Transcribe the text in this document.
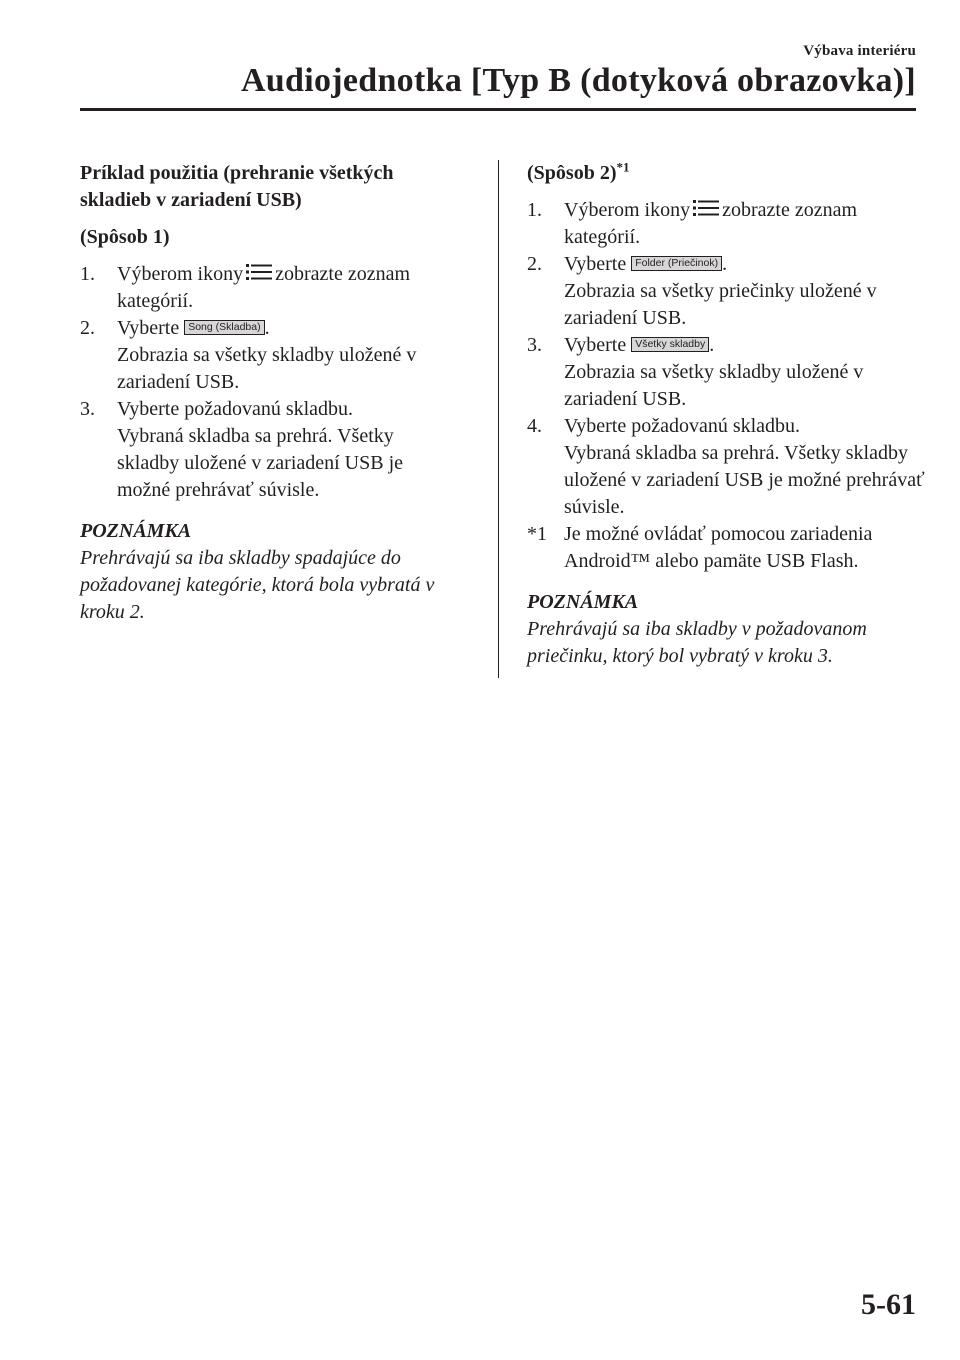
Výbava interiéru
Audiojednotka [Typ B (dotyková obrazovka)]

Príklad použitia (prehranie všetkých skladieb v zariadení USB)

(Spôsob 1)

1. Výberom ikony zobrazte zoznam kategórií.
2. Vyberte Song (Skladba) .
Zobrazia sa všetky skladby uložené v zariadení USB.
3. Vyberte požadovanú skladbu.
Vybraná skladba sa prehrá. Všetky skladby uložené v zariadení USB je možné prehrávať súvisle.

POZNÁMKA

Prehrávajú sa iba skladby spadajúce do požadovanej kategórie, ktorá bola vybratá v kroku 2.

(Spôsob 2)$^{*1}$

1. Výberom ikony zobrazte zoznam kategórií.
2. Vyberte Folder (Priečinok) .
Zobrazia sa všetky priečinky uložené v zariadení USB.
3. Vyberte Všetky skladby .
Zobrazia sa všetky skladby uložené v zariadení USB.
4. Vyberte požadovanú skladbu.
Vybraná skladba sa prehrá. Všetky skladby uložené v zariadení USB je možné prehrávať súvisle.
*1 Je možné ovládať pomocou zariadenia Android™ alebo pamäte USB Flash.

POZNÁMKA

Prehrávajú sa iba skladby v požadovanom priečinku, ktorý bol vybratý v kroku 3.

5-61
